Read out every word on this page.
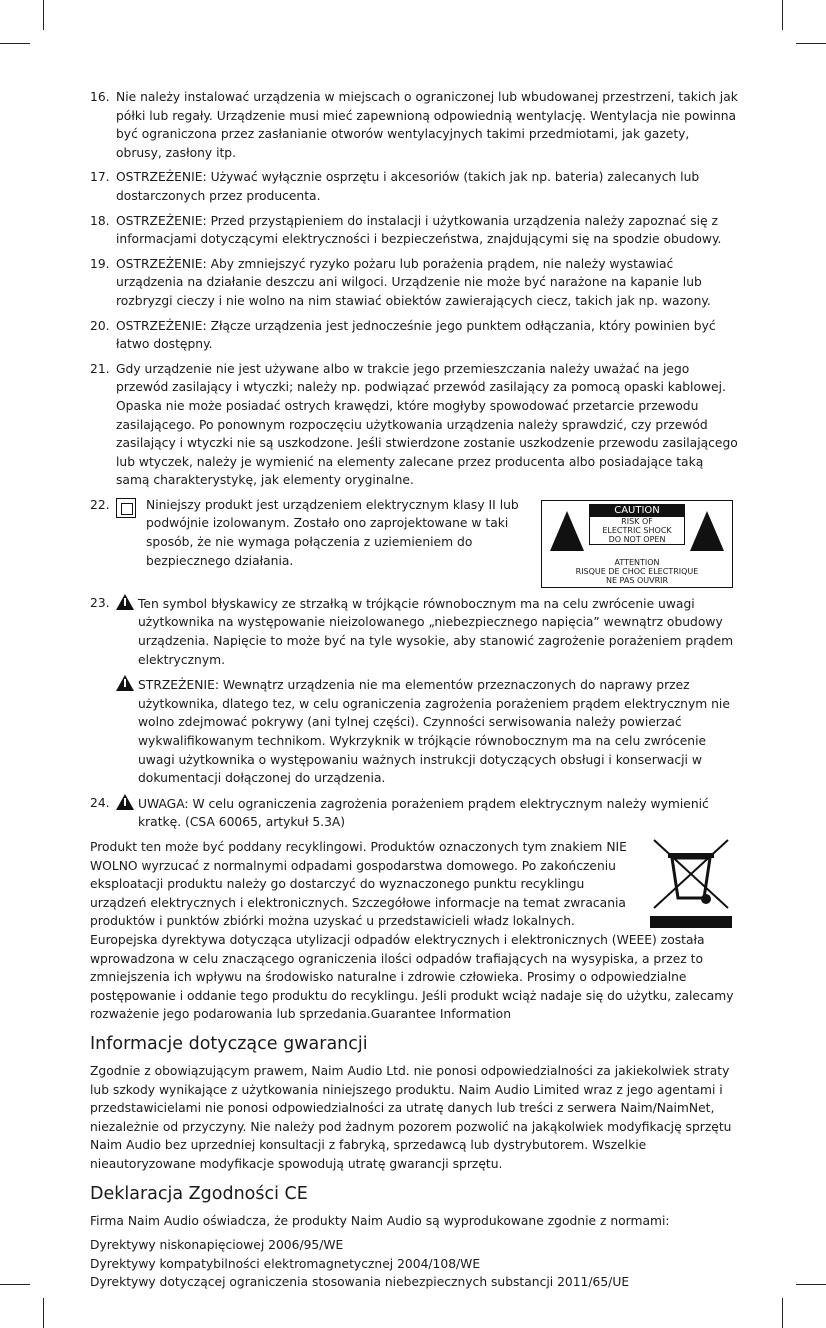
16. Nie należy instalować urządzenia w miejscach o ograniczonej lub wbudowanej przestrzeni, takich jak półki lub regały. Urządzenie musi mieć zapewnioną odpowiednią wentylację. Wentylacja nie powinna być ograniczona przez zasłanianie otworów wentylacyjnych takimi przedmiotami, jak gazety, obrusy, zasłony itp.
17. OSTRZEŻENIE: Używać wyłącznie osprzętu i akcesoriów (takich jak np. bateria) zalecanych lub dostarczonych przez producenta.
18. OSTRZEŻENIE: Przed przystąpieniem do instalacji i użytkowania urządzenia należy zapoznać się z informacjami dotyczącymi elektryczności i bezpieczeństwa, znajdującymi się na spodzie obudowy.
19. OSTRZEŻENIE: Aby zmniejszyć ryzyko pożaru lub porażenia prądem, nie należy wystawiać urządzenia na działanie deszczu ani wilgoci. Urządzenie nie może być narażone na kapanie lub rozbryzgi cieczy i nie wolno na nim stawiać obiektów zawierających ciecz, takich jak np. wazony.
20. OSTRZEŻENIE: Złącze urządzenia jest jednocześnie jego punktem odłączania, który powinien być łatwo dostępny.
21. Gdy urządzenie nie jest używane albo w trakcie jego przemieszczania należy uważać na jego przewód zasilający i wtyczki; należy np. podwiązać przewód zasilający za pomocą opaski kablowej. Opaska nie może posiadać ostrych krawędzi, które mogłyby spowodować przetarcie przewodu zasilającego. Po ponownym rozpoczęciu użytkowania urządzenia należy sprawdzić, czy przewód zasilający i wtyczki nie są uszkodzone. Jeśli stwierdzone zostanie uszkodzenie przewodu zasilającego lub wtyczek, należy je wymienić na elementy zalecane przez producenta albo posiadające taką samą charakterystykę, jak elementy oryginalne.
22.	Niniejszy produkt jest urządzeniem elektrycznym klasy II lub podwójnie izolowanym. Zostało ono zaprojektowane w taki sposób, że nie wymaga połączenia z uziemieniem do bezpiecznego działania.
CAUTION
RISK OF
ELECTRIC SHOCK
DO NOT OPEN
ATTENTION
RISQUE DE CHOC ELECTRIQUE
NE PAS OUVRIR
23.	Ten symbol błyskawicy ze strzałką w trójkącie równobocznym ma na celu zwrócenie uwagi użytkownika na występowanie nieizolowanego „niebezpiecznego napięcia” wewnątrz obudowy urządzenia. Napięcie to może być na tyle wysokie, aby stanowić zagrożenie porażeniem prądem elektrycznym.
STRZEŻENIE: Wewnątrz urządzenia nie ma elementów przeznaczonych do naprawy przez użytkownika, dlatego tez, w celu ograniczenia zagrożenia porażeniem prądem elektrycznym nie wolno zdejmować pokrywy (ani tylnej części). Czynności serwisowania należy powierzać wykwalifikowanym technikom. Wykrzyknik w trójkącie równobocznym ma na celu zwrócenie uwagi użytkownika o występowaniu ważnych instrukcji dotyczących obsługi i konserwacji w dokumentacji dołączonej do urządzenia.
24.	UWAGA: W celu ograniczenia zagrożenia porażeniem prądem elektrycznym należy wymienić kratkę. (CSA 60065, artykuł 5.3A)

Produkt ten może być poddany recyklingowi. Produktów oznaczonych tym znakiem NIE WOLNO wyrzucać z normalnymi odpadami gospodarstwa domowego. Po zakończeniu eksploatacji produktu należy go dostarczyć do wyznaczonego punktu recyklingu urządzeń elektrycznych i elektronicznych. Szczegółowe informacje na temat zwracania produktów i punktów zbiórki można uzyskać u przedstawicieli władz lokalnych. Europejska dyrektywa dotycząca utylizacji odpadów elektrycznych i elektronicznych (WEEE) została wprowadzona w celu znaczącego ograniczenia ilości odpadów trafiających na wysypiska, a przez to zmniejszenia ich wpływu na środowisko naturalne i zdrowie człowieka. Prosimy o odpowiedzialne postępowanie i oddanie tego produktu do recyklingu. Jeśli produkt wciąż nadaje się do użytku, zalecamy rozważenie jego podarowania lub sprzedania.Guarantee Information

Informacje dotyczące gwarancji

Zgodnie z obowiązującym prawem, Naim Audio Ltd. nie ponosi odpowiedzialności za jakiekolwiek straty lub szkody wynikające z użytkowania niniejszego produktu. Naim Audio Limited wraz z jego agentami i przedstawicielami nie ponosi odpowiedzialności za utratę danych lub treści z serwera Naim/NaimNet, niezależnie od przyczyny. Nie należy pod żadnym pozorem pozwolić na jakąkolwiek modyfikację sprzętu Naim Audio bez uprzedniej konsultacji z fabryką, sprzedawcą lub dystrybutorem. Wszelkie nieautoryzowane modyfikacje spowodują utratę gwarancji sprzętu.

Deklaracja Zgodności CE

Firma Naim Audio oświadcza, że produkty Naim Audio są wyprodukowane zgodnie z normami:

Dyrektywy niskonapięciowej 2006/95/WE
Dyrektywy kompatybilności elektromagnetycznej 2004/108/WE
Dyrektywy dotyczącej ograniczenia stosowania niebezpiecznych substancji 2011/65/UE
